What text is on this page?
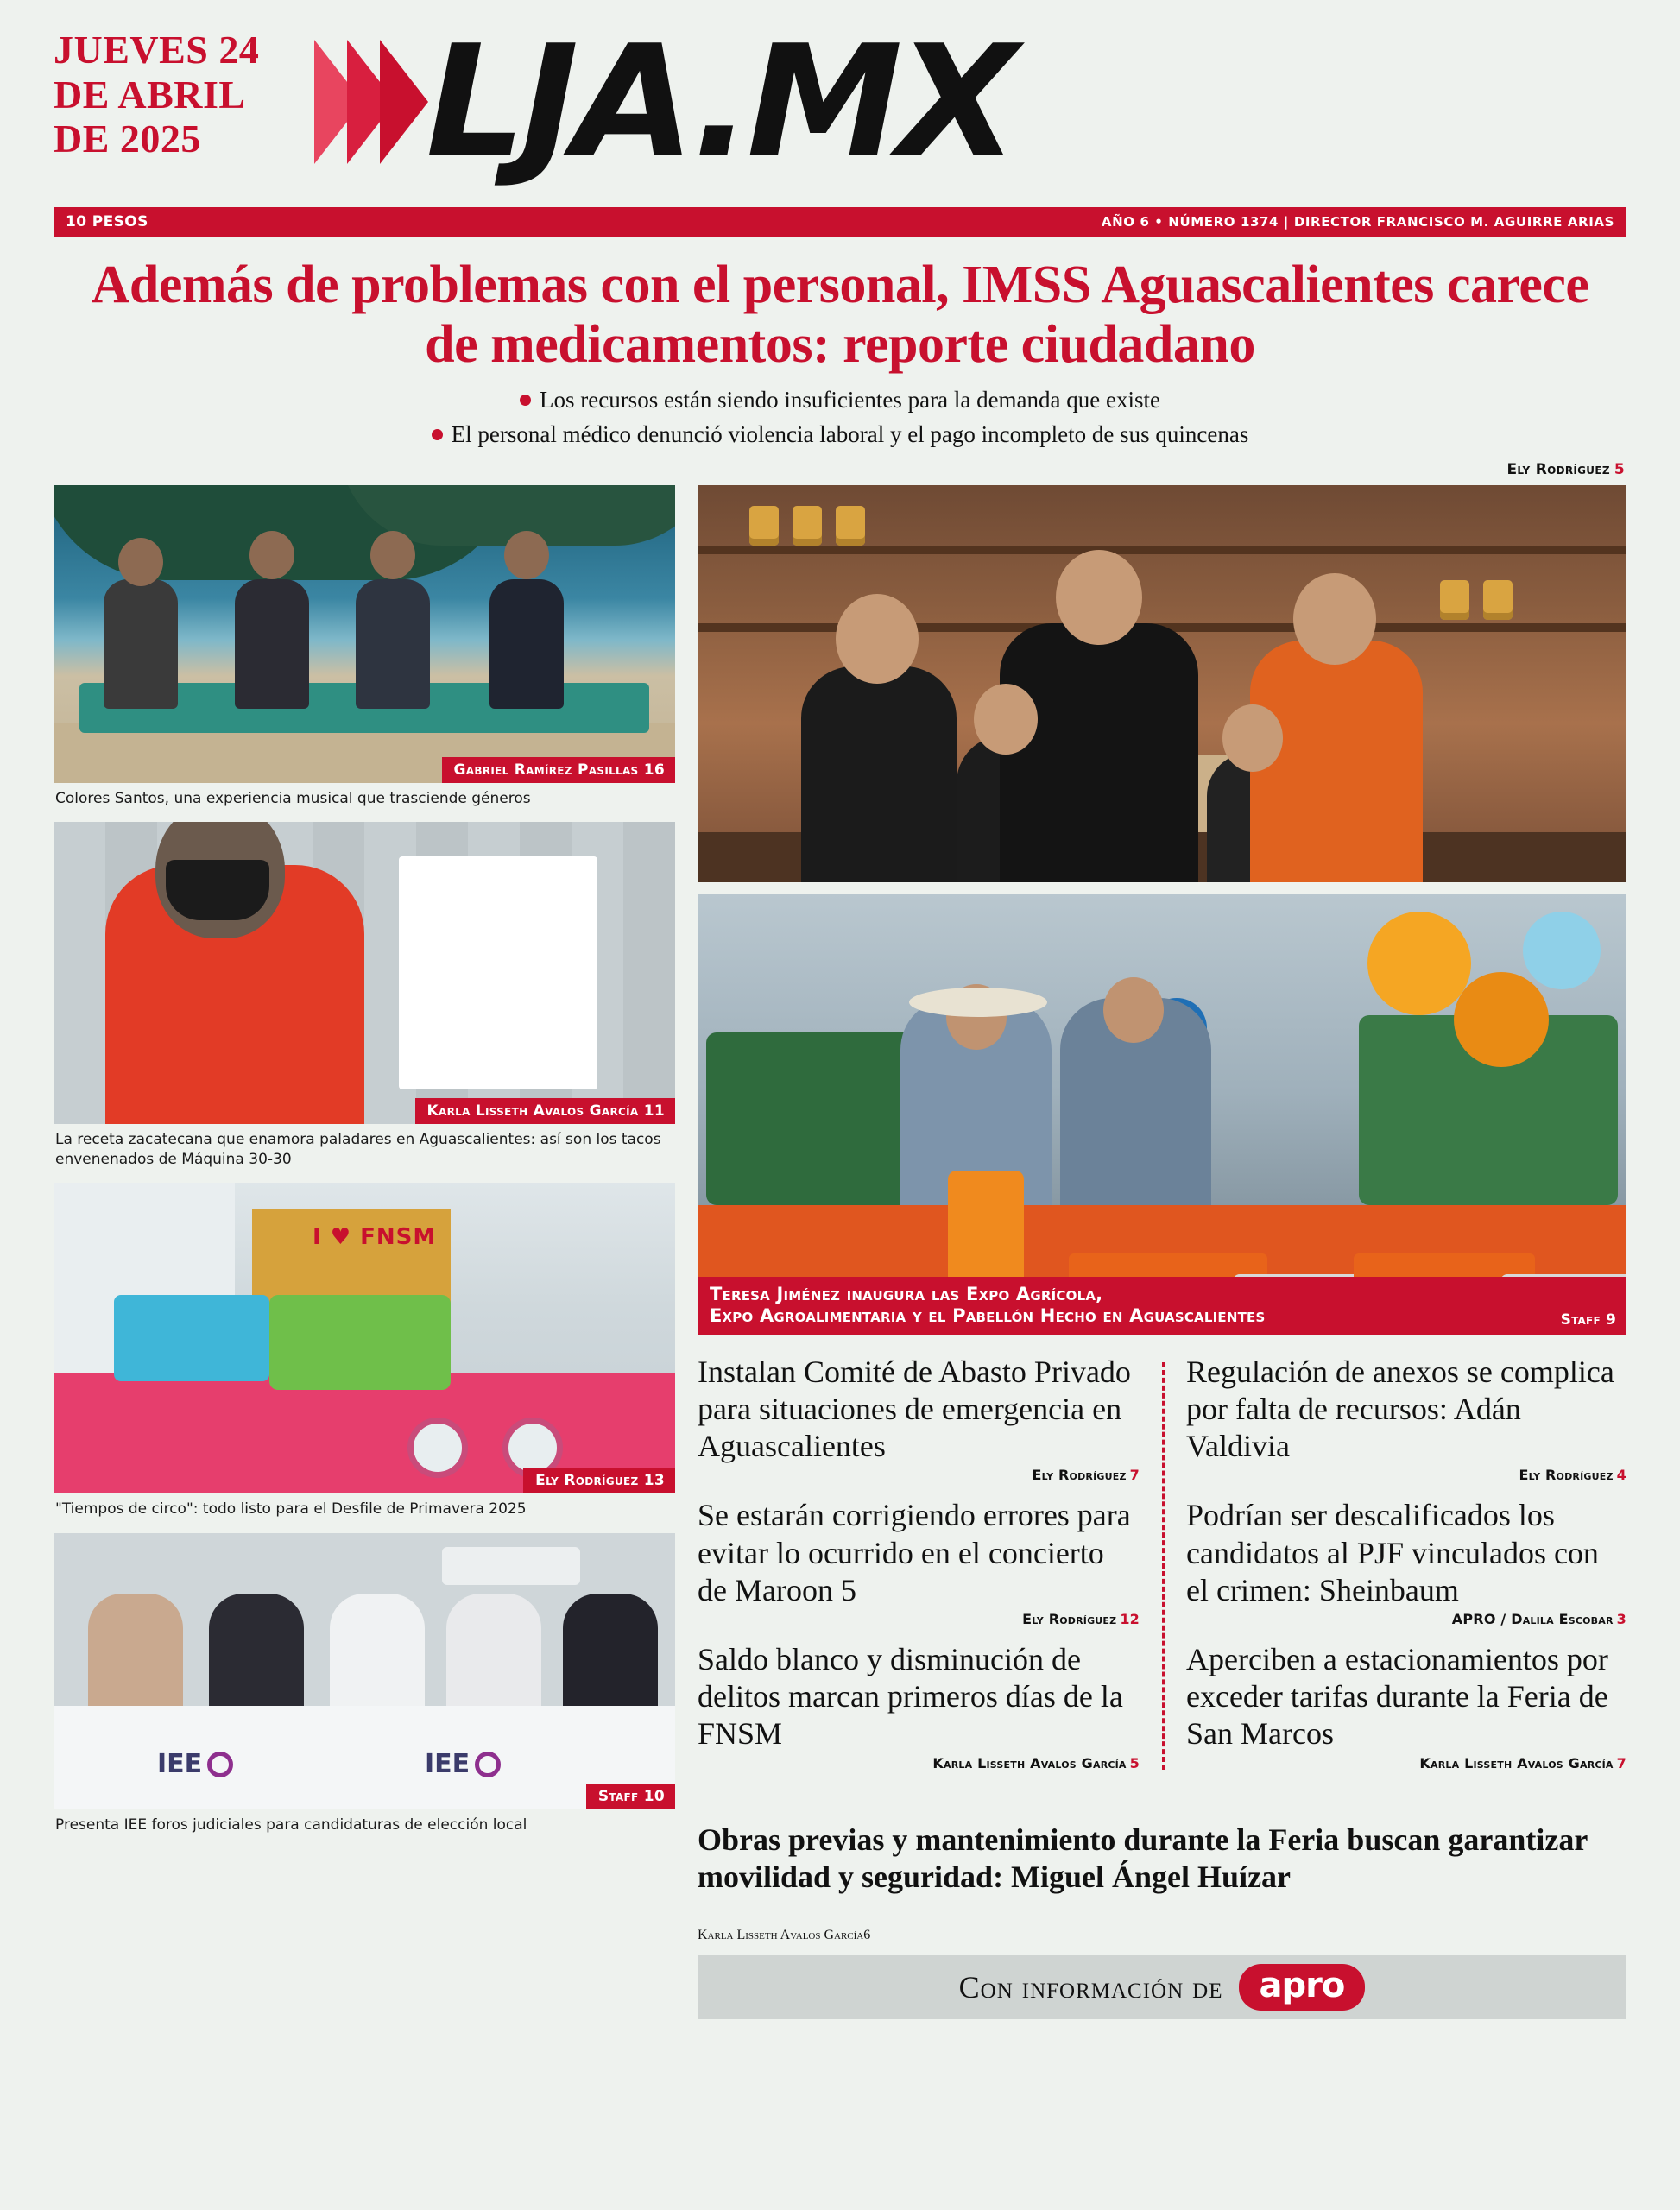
JUEVES 24
DE ABRIL
DE 2025	LJA.MX
10 PESOS	AÑO 6 • NÚMERO 1374 | DIRECTOR FRANCISCO M. AGUIRRE ARIAS
Además de problemas con el personal, IMSS Aguascalientes carece de medicamentos: reporte ciudadano
Los recursos están siendo insuficientes para la demanda que existe
El personal médico denunció violencia laboral y el pago incompleto de sus quincenas
Ely Rodríguez 5
Gabriel Ramírez Pasillas 16
Colores Santos, una experiencia musical que trasciende géneros
Karla Lisseth Avalos García 11
La receta zacatecana que enamora paladares en Aguascalientes: así son los tacos envenenados de Máquina 30-30
I ♥ FNSM
Ely Rodríguez 13
"Tiempos de circo": todo listo para el Desfile de Primavera 2025
IEE	IEE
Staff 10
Presenta IEE foros judiciales para candidaturas de elección local
Teresa Jiménez inaugura las Expo Agrícola,
Expo Agroalimentaria y el Pabellón Hecho en Aguascalientes	Staff 9
Instalan Comité de Abasto Privado para situaciones de emergencia en Aguascalientes
Ely Rodríguez 7
Se estarán corrigiendo errores para evitar lo ocurrido en el concierto de Maroon 5
Ely Rodríguez 12
Saldo blanco y disminución de delitos marcan primeros días de la FNSM
Karla Lisseth Avalos García 5
Regulación de anexos se complica por falta de recursos: Adán Valdivia
Ely Rodríguez 4
Podrían ser descalificados los candidatos al PJF vinculados con el crimen: Sheinbaum
APRO / Dalila Escobar 3
Aperciben a estacionamientos por exceder tarifas durante la Feria de San Marcos
Karla Lisseth Avalos García 7
Obras previas y mantenimiento durante la Feria buscan garantizar movilidad y seguridad: Miguel Ángel Huízar
Karla Lisseth Avalos García6
Con información de	apro
